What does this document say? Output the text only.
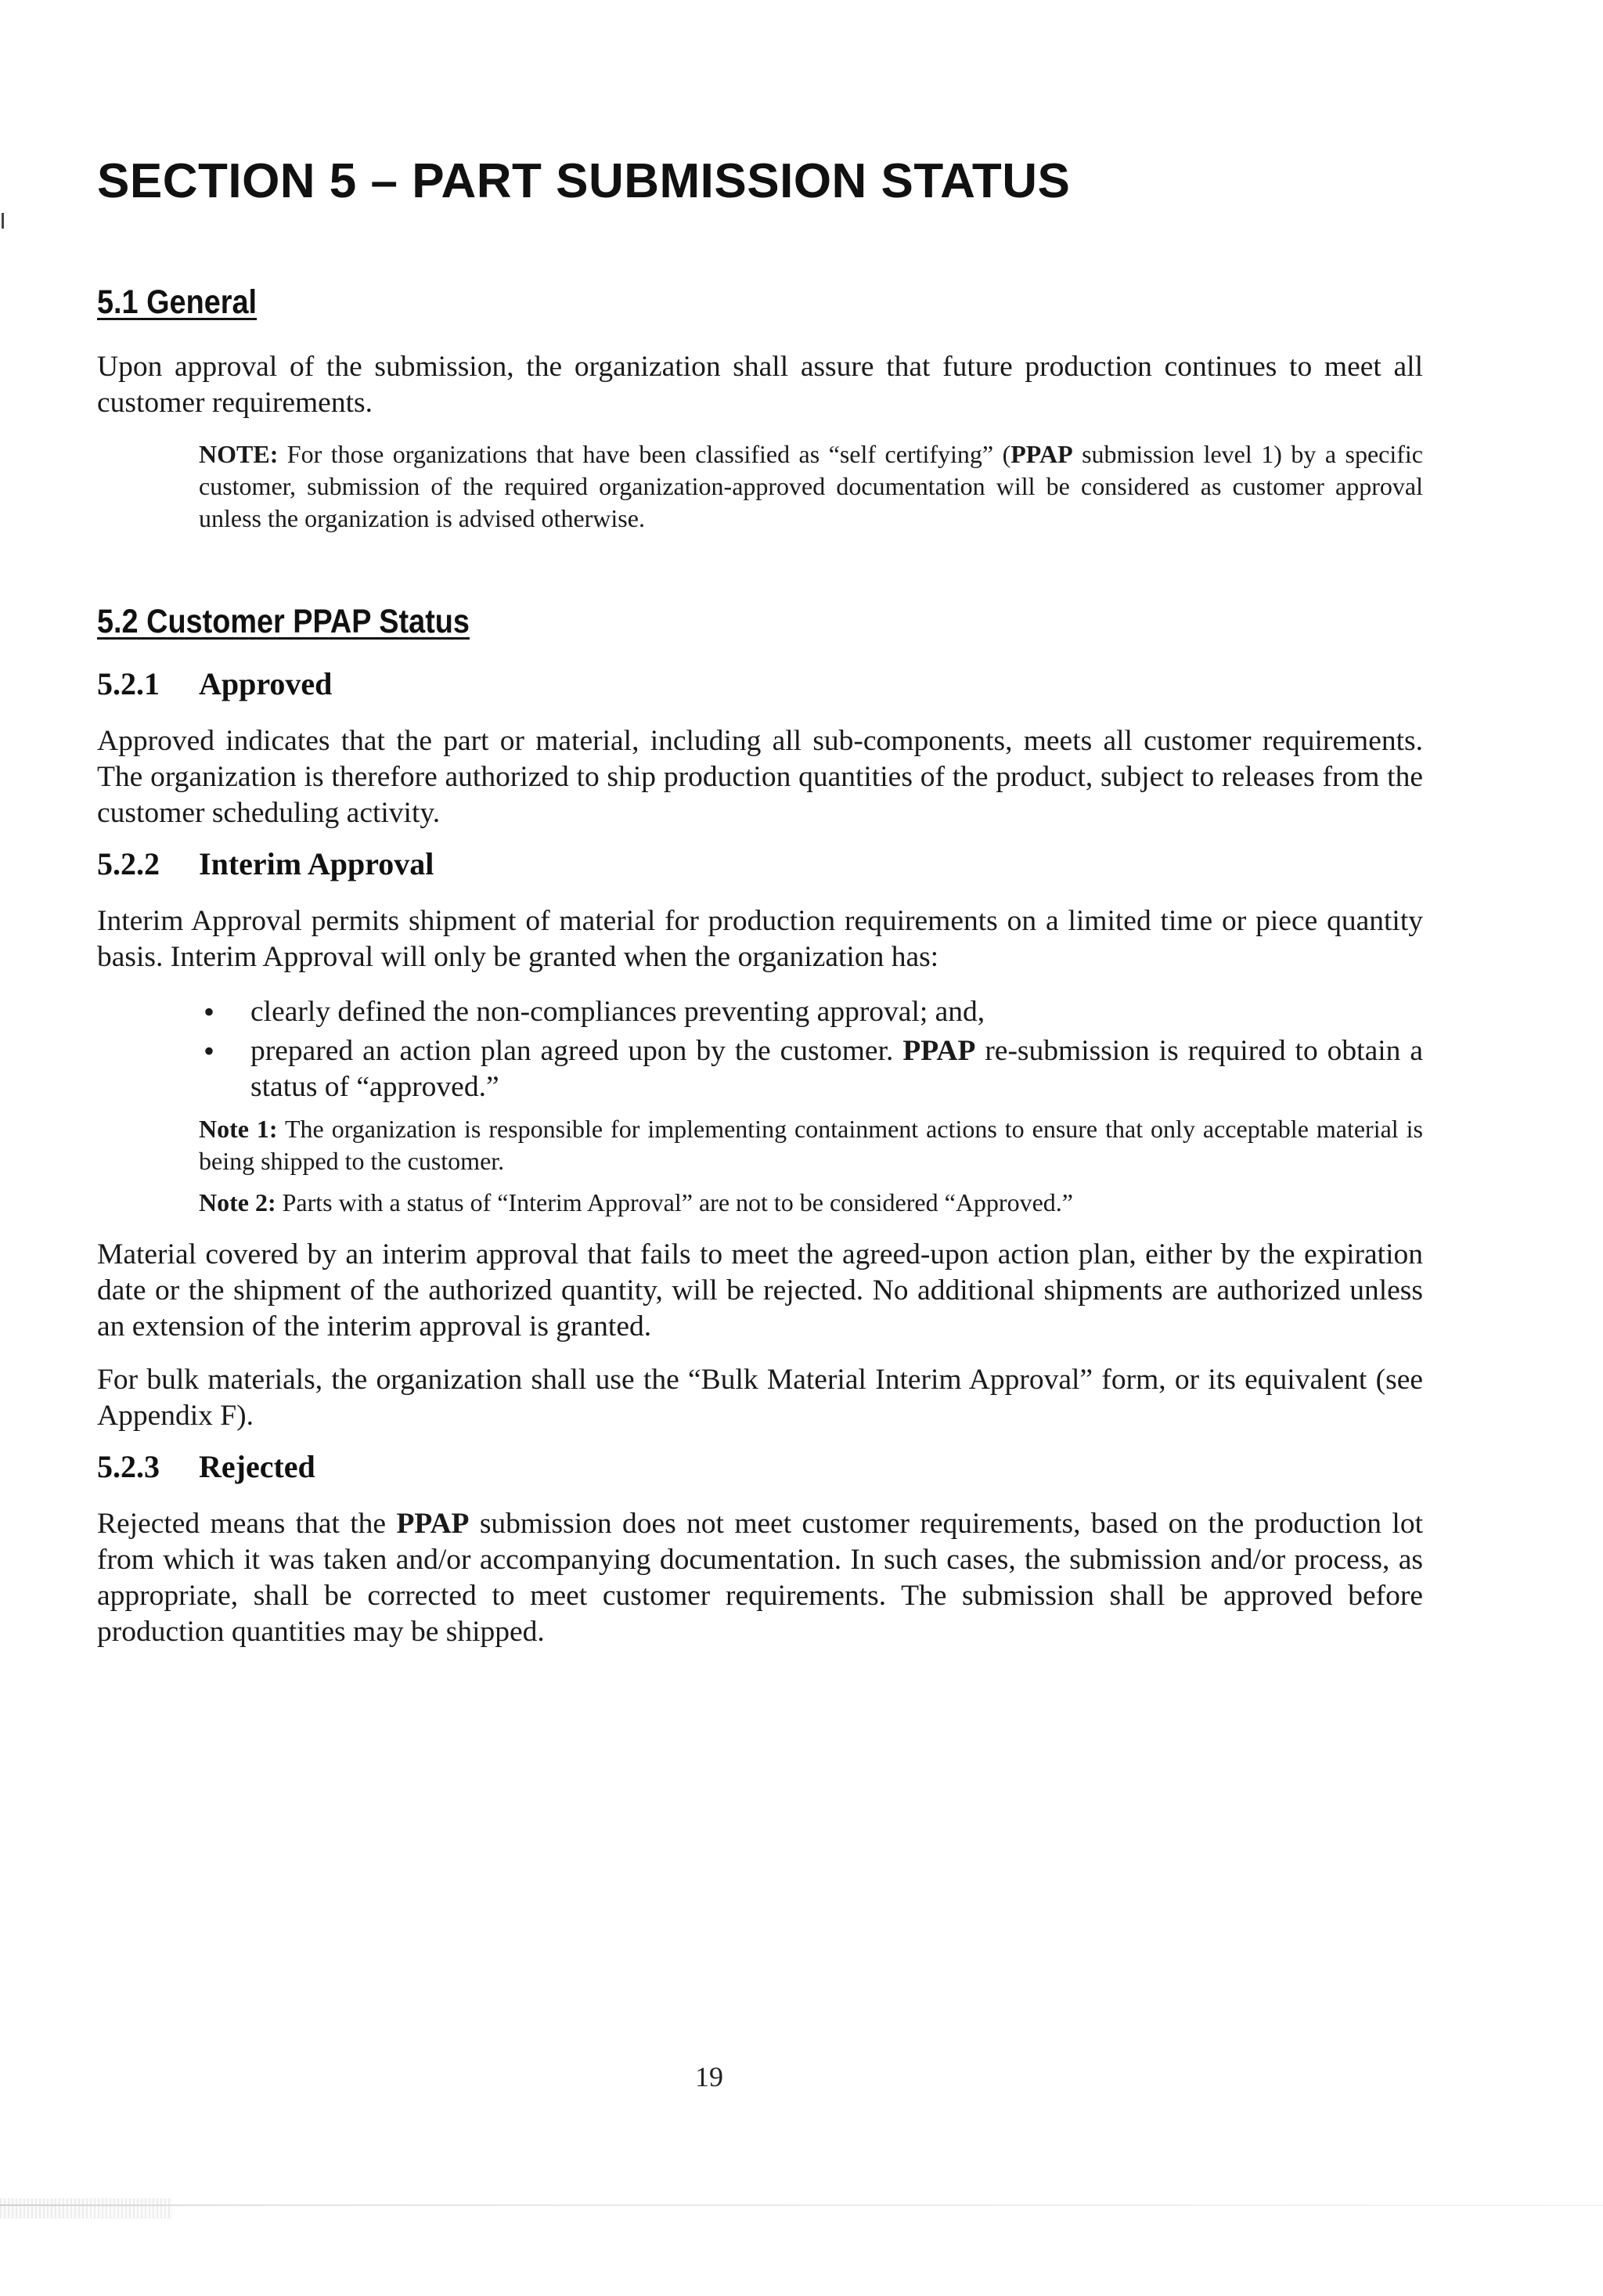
SECTION 5 – PART SUBMISSION STATUS
5.1 General

Upon approval of the submission, the organization shall assure that future production continues to meet all customer requirements.

NOTE: For those organizations that have been classified as “self certifying” (PPAP submission level 1) by a specific customer, submission of the required organization-approved documentation will be considered as customer approval unless the organization is advised otherwise.

5.2 Customer PPAP Status
5.2.1 Approved

Approved indicates that the part or material, including all sub-components, meets all customer requirements. The organization is therefore authorized to ship production quantities of the product, subject to releases from the customer scheduling activity.

5.2.2 Interim Approval

Interim Approval permits shipment of material for production requirements on a limited time or piece quantity basis. Interim Approval will only be granted when the organization has:

• clearly defined the non-compliances preventing approval; and,
• prepared an action plan agreed upon by the customer. PPAP re-submission is required to obtain a status of “approved.”

Note 1: The organization is responsible for implementing containment actions to ensure that only acceptable material is being shipped to the customer.

Note 2: Parts with a status of “Interim Approval” are not to be considered “Approved.”

Material covered by an interim approval that fails to meet the agreed-upon action plan, either by the expiration date or the shipment of the authorized quantity, will be rejected. No additional shipments are authorized unless an extension of the interim approval is granted.

For bulk materials, the organization shall use the “Bulk Material Interim Approval” form, or its equivalent (see Appendix F).

5.2.3 Rejected

Rejected means that the PPAP submission does not meet customer requirements, based on the production lot from which it was taken and/or accompanying documentation. In such cases, the submission and/or process, as appropriate, shall be corrected to meet customer requirements. The submission shall be approved before production quantities may be shipped.

19
